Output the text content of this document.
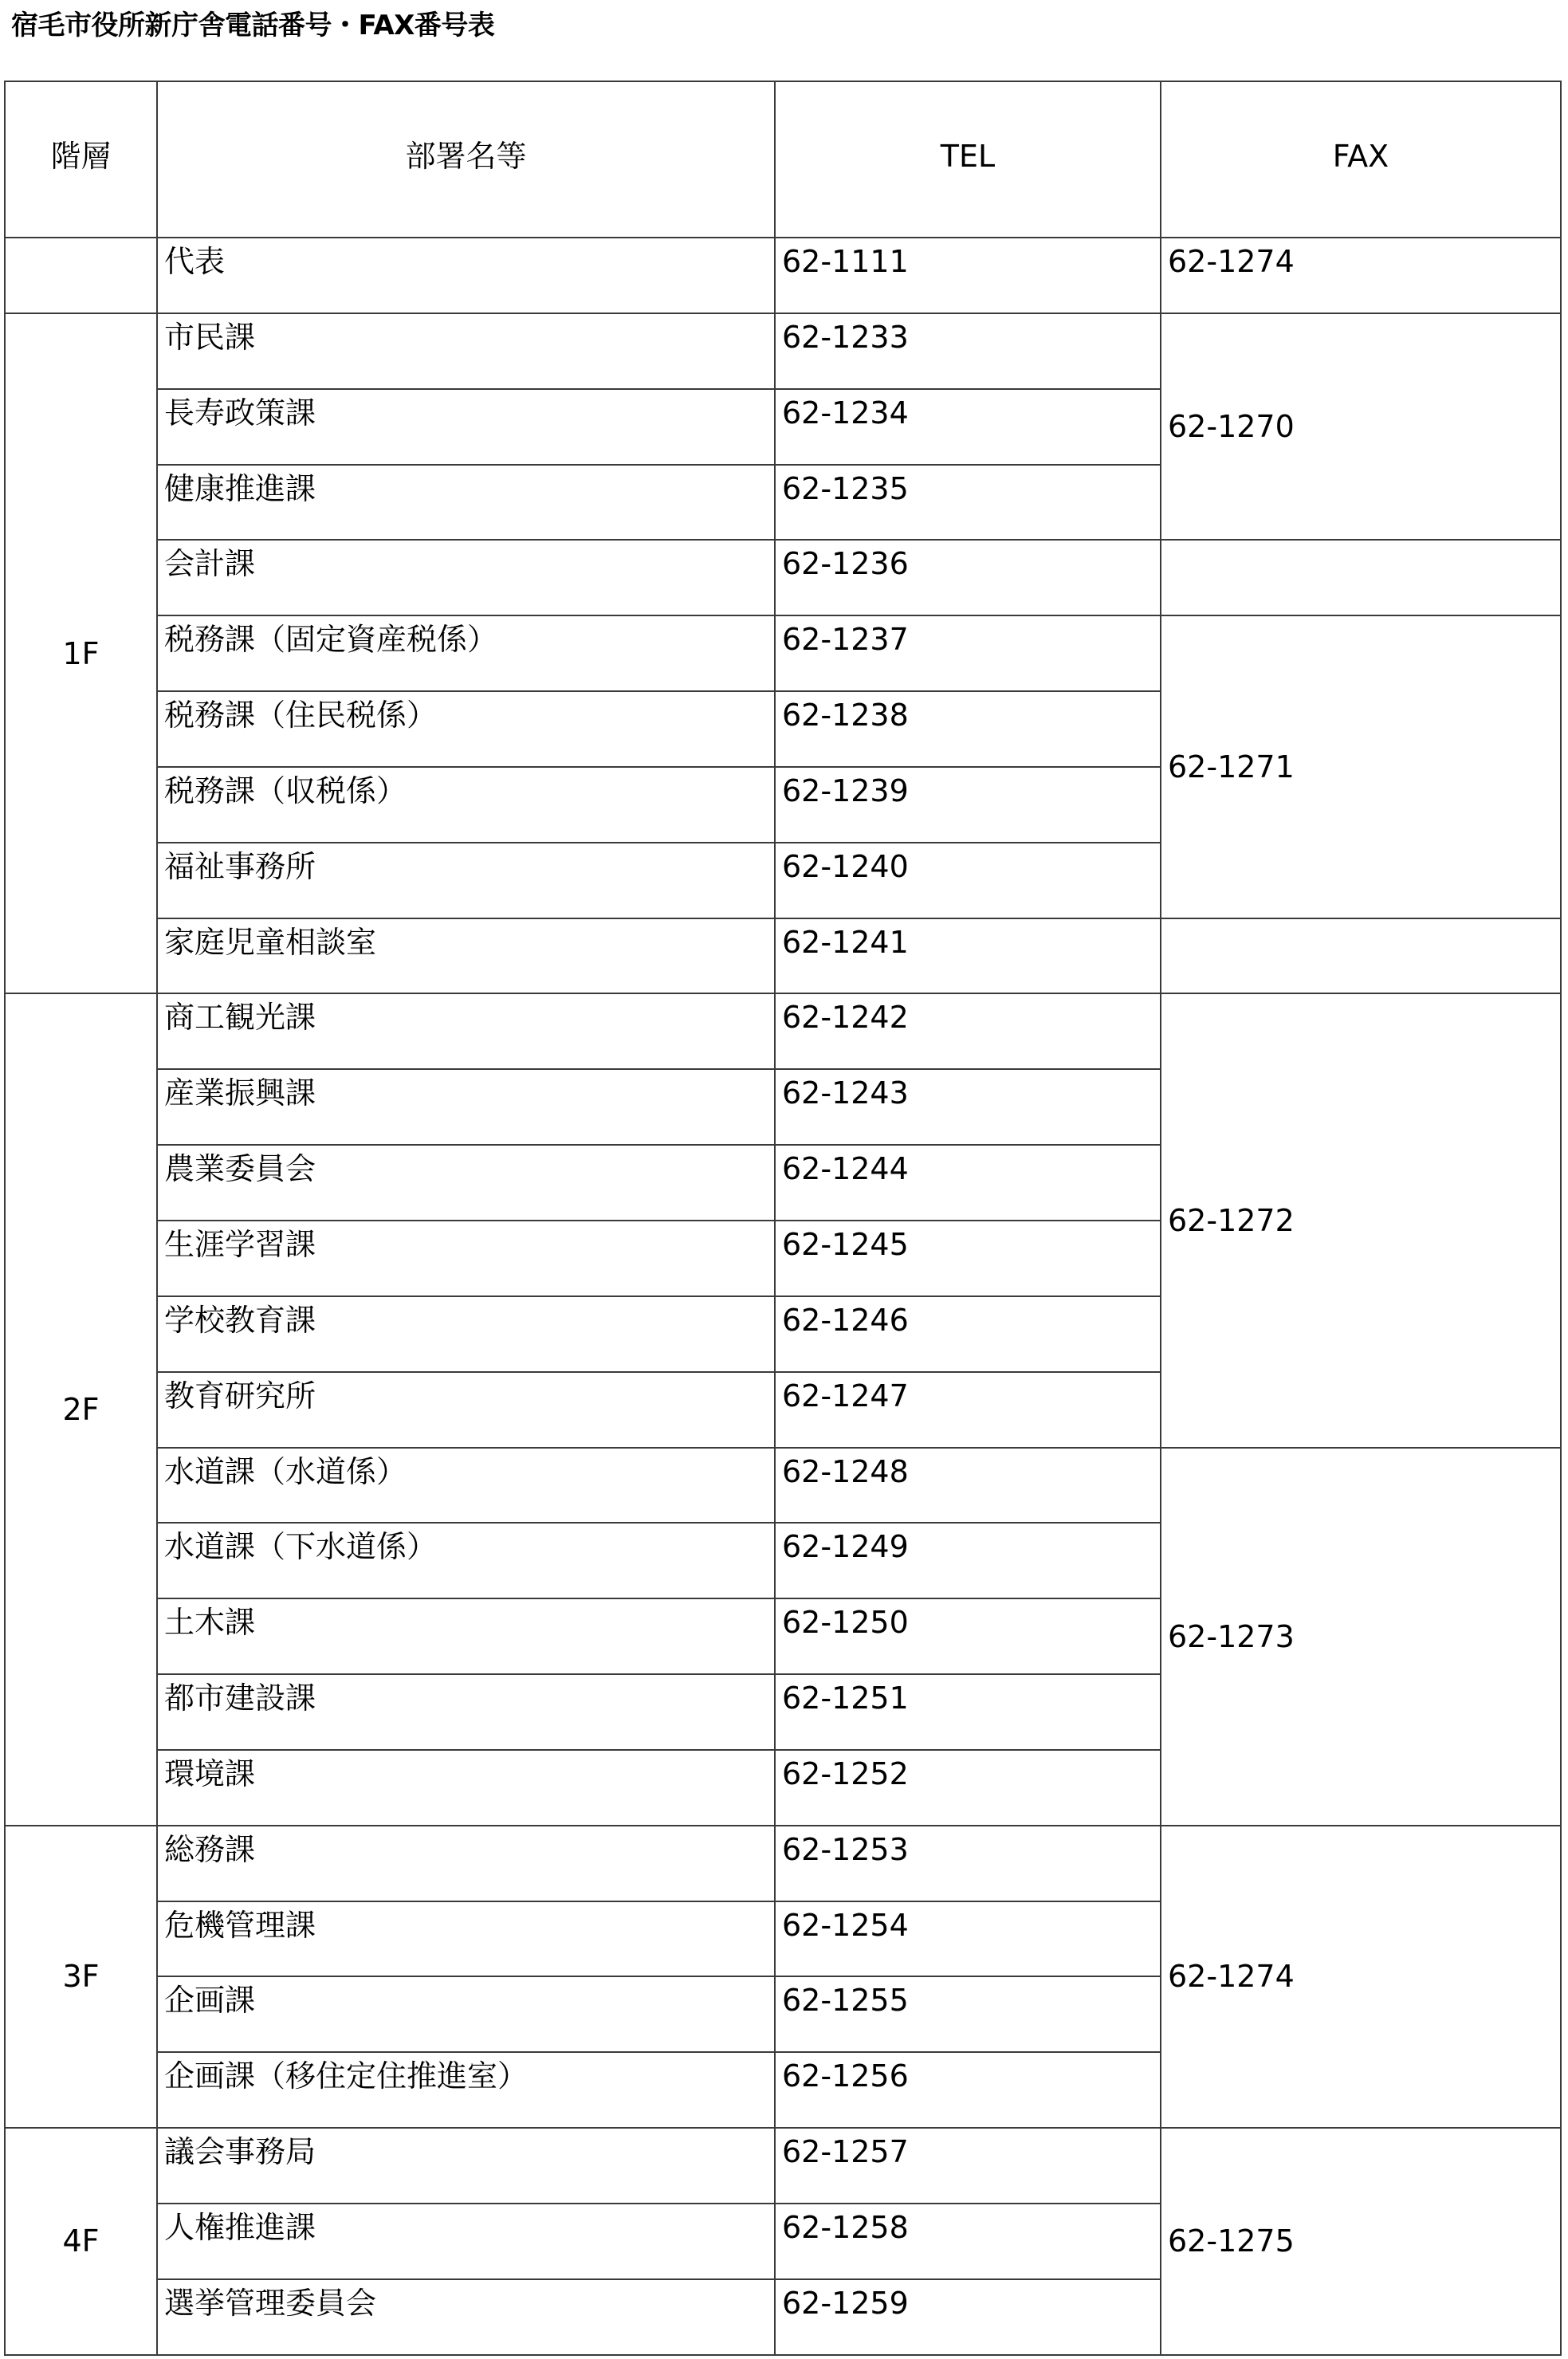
宿毛市役所新庁舎電話番号・FAX番号表
階層	部署名等	TEL	FAX
	代表	62-1111	62-1274
1F	市民課	62-1233	62-1270
	長寿政策課	62-1234	
	健康推進課	62-1235	
	会計課	62-1236	
	税務課（固定資産税係）	62-1237	62-1271
	税務課（住民税係）	62-1238	
	税務課（収税係）	62-1239	
	福祉事務所	62-1240	
	家庭児童相談室	62-1241	
2F	商工観光課	62-1242	62-1272
	産業振興課	62-1243	
	農業委員会	62-1244	
	生涯学習課	62-1245	
	学校教育課	62-1246	
	教育研究所	62-1247	
	水道課（水道係）	62-1248	62-1273
	水道課（下水道係）	62-1249	
	土木課	62-1250	
	都市建設課	62-1251	
	環境課	62-1252	
3F	総務課	62-1253	62-1274
	危機管理課	62-1254	
	企画課	62-1255	
	企画課（移住定住推進室）	62-1256	
4F	議会事務局	62-1257	62-1275
	人権推進課	62-1258	
	選挙管理委員会	62-1259	
